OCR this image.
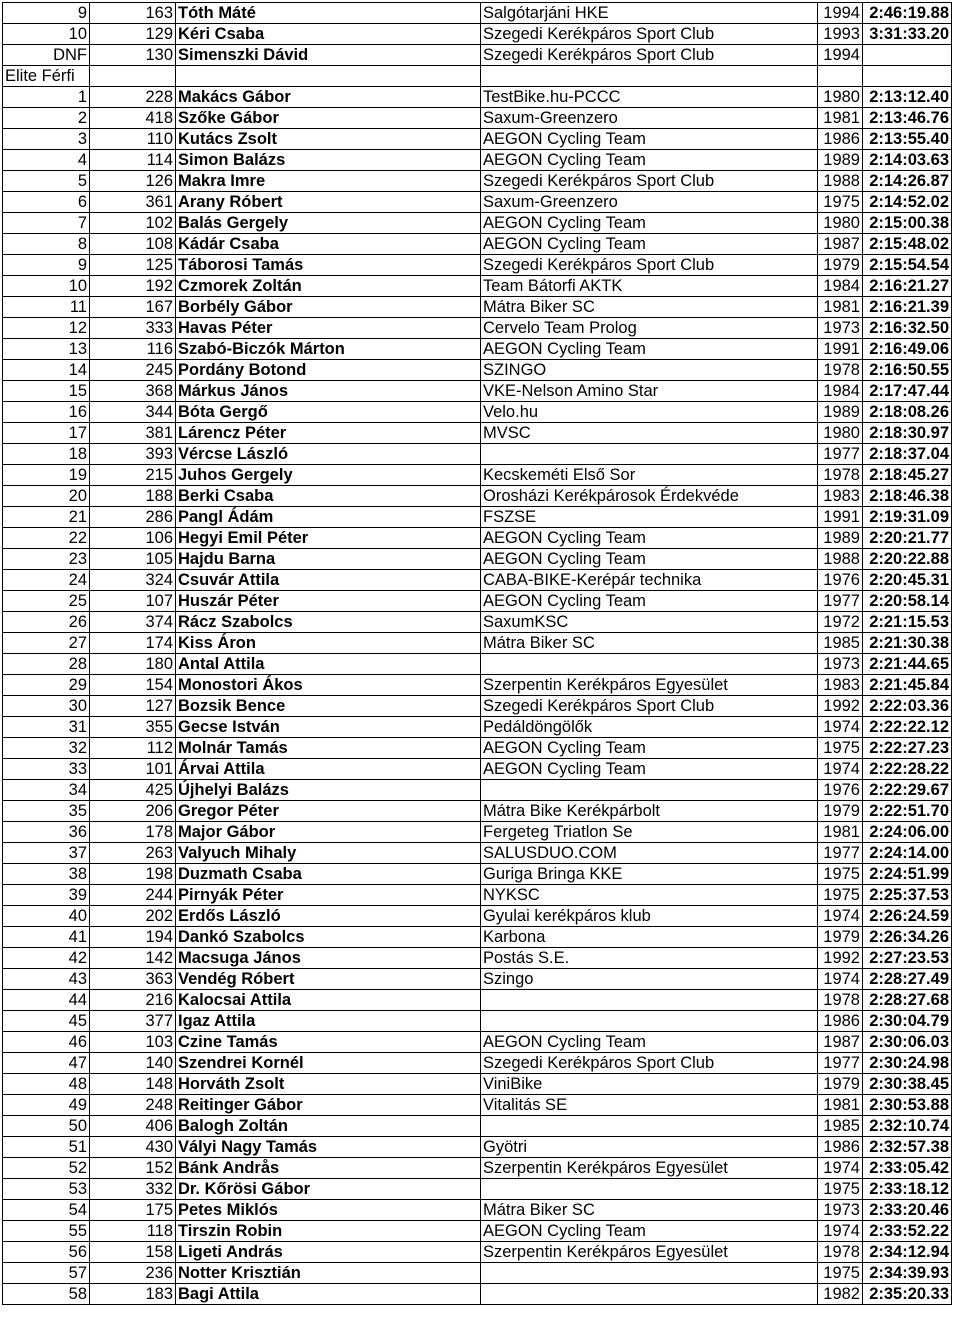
9	163	Tóth Máté	Salgótarjáni HKE	1994	2:46:19.88
10	129	Kéri Csaba	Szegedi Kerékpáros Sport Club	1993	3:31:33.20
DNF	130	Simenszki Dávid	Szegedi Kerékpáros Sport Club	1994	
Elite Férfi					
1	228	Makács Gábor	TestBike.hu-PCCC	1980	2:13:12.40
2	418	Szőke Gábor	Saxum-Greenzero	1981	2:13:46.76
3	110	Kutács Zsolt	AEGON Cycling Team	1986	2:13:55.40
4	114	Simon Balázs	AEGON Cycling Team	1989	2:14:03.63
5	126	Makra Imre	Szegedi Kerékpáros Sport Club	1988	2:14:26.87
6	361	Arany Róbert	Saxum-Greenzero	1975	2:14:52.02
7	102	Balás Gergely	AEGON Cycling Team	1980	2:15:00.38
8	108	Kádár Csaba	AEGON Cycling Team	1987	2:15:48.02
9	125	Táborosi Tamás	Szegedi Kerékpáros Sport Club	1979	2:15:54.54
10	192	Czmorek Zoltán	Team Bátorfi AKTK	1984	2:16:21.27
11	167	Borbély Gábor	Mátra Biker SC	1981	2:16:21.39
12	333	Havas Péter	Cervelo Team Prolog	1973	2:16:32.50
13	116	Szabó-Biczók Márton	AEGON Cycling Team	1991	2:16:49.06
14	245	Pordány Botond	SZINGO	1978	2:16:50.55
15	368	Márkus János	VKE-Nelson Amino Star	1984	2:17:47.44
16	344	Bóta Gergő	Velo.hu	1989	2:18:08.26
17	381	Lárencz Péter	MVSC	1980	2:18:30.97
18	393	Vércse László		1977	2:18:37.04
19	215	Juhos Gergely	Kecskeméti Első Sor	1978	2:18:45.27
20	188	Berki Csaba	Orosházi Kerékpárosok Érdekvéde	1983	2:18:46.38
21	286	Pangl Ádám	FSZSE	1991	2:19:31.09
22	106	Hegyi Emil Péter	AEGON Cycling Team	1989	2:20:21.77
23	105	Hajdu Barna	AEGON Cycling Team	1988	2:20:22.88
24	324	Csuvár Attila	CABA-BIKE-Kerépár technika	1976	2:20:45.31
25	107	Huszár Péter	AEGON Cycling Team	1977	2:20:58.14
26	374	Rácz Szabolcs	SaxumKSC	1972	2:21:15.53
27	174	Kiss Áron	Mátra Biker SC	1985	2:21:30.38
28	180	Antal Attila		1973	2:21:44.65
29	154	Monostori Ákos	Szerpentin Kerékpáros Egyesület	1983	2:21:45.84
30	127	Bozsik Bence	Szegedi Kerékpáros Sport Club	1992	2:22:03.36
31	355	Gecse István	Pedáldöngölők	1974	2:22:22.12
32	112	Molnár Tamás	AEGON Cycling Team	1975	2:22:27.23
33	101	Árvai Attila	AEGON Cycling Team	1974	2:22:28.22
34	425	Újhelyi Balázs		1976	2:22:29.67
35	206	Gregor Péter	Mátra Bike Kerékpárbolt	1979	2:22:51.70
36	178	Major Gábor	Fergeteg Triatlon Se	1981	2:24:06.00
37	263	Valyuch Mihaly	SALUSDUO.COM	1977	2:24:14.00
38	198	Duzmath Csaba	Guriga Bringa KKE	1975	2:24:51.99
39	244	Pirnyák Péter	NYKSC	1975	2:25:37.53
40	202	Erdős László	Gyulai kerékpáros klub	1974	2:26:24.59
41	194	Dankó Szabolcs	Karbona	1979	2:26:34.26
42	142	Macsuga János	Postás S.E.	1992	2:27:23.53
43	363	Vendég Róbert	Szingo	1974	2:28:27.49
44	216	Kalocsai Attila		1978	2:28:27.68
45	377	Igaz Attila		1986	2:30:04.79
46	103	Czine Tamás	AEGON Cycling Team	1987	2:30:06.03
47	140	Szendrei Kornél	Szegedi Kerékpáros Sport Club	1977	2:30:24.98
48	148	Horváth Zsolt	ViniBike	1979	2:30:38.45
49	248	Reitinger Gábor	Vitalitás SE	1981	2:30:53.88
50	406	Balogh Zoltán		1985	2:32:10.74
51	430	Vályi Nagy Tamás	Gyötri	1986	2:32:57.38
52	152	Bánk Andrås	Szerpentin Kerékpáros Egyesület	1974	2:33:05.42
53	332	Dr. Kőrösi Gábor		1975	2:33:18.12
54	175	Petes Miklós	Mátra Biker SC	1973	2:33:20.46
55	118	Tirszin Robin	AEGON Cycling Team	1974	2:33:52.22
56	158	Ligeti András	Szerpentin Kerékpáros Egyesület	1978	2:34:12.94
57	236	Notter Krisztián		1975	2:34:39.93
58	183	Bagi Attila		1982	2:35:20.33
